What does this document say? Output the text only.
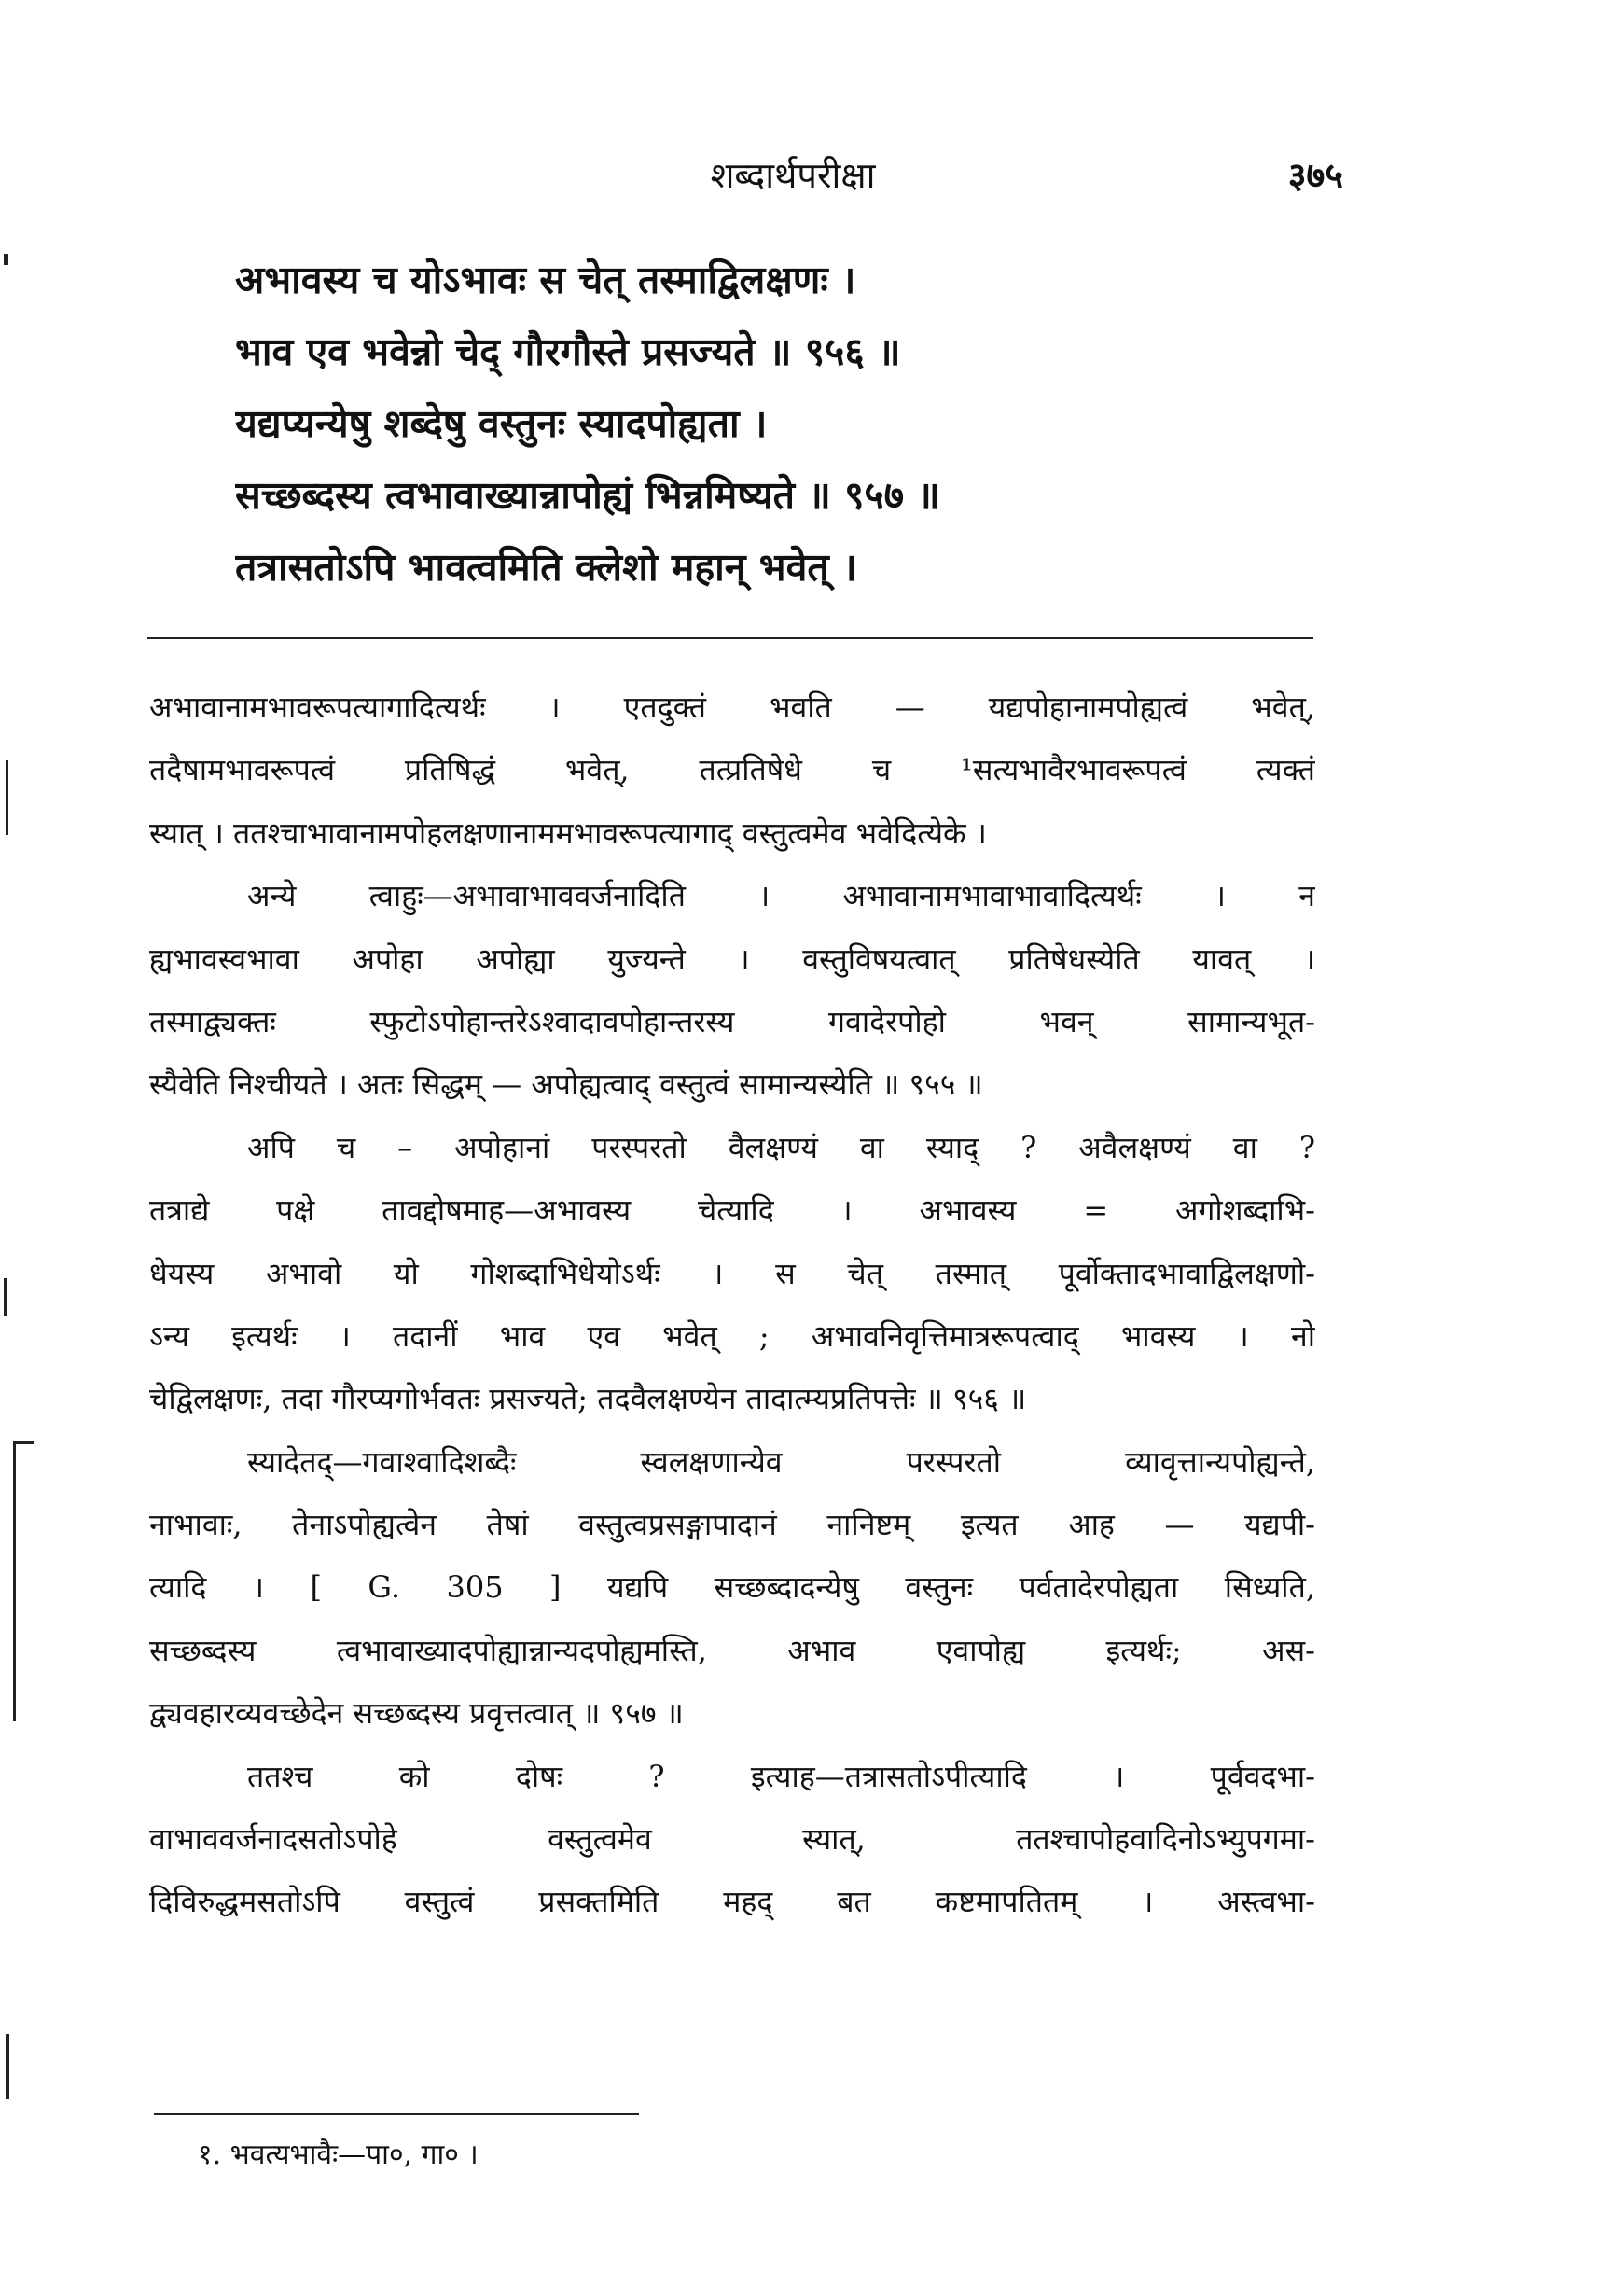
शब्दार्थपरीक्षा	३७५
अभावस्य च योऽभावः स चेत् तस्माद्विलक्षणः ।
भाव एव भवेन्नो चेद् गौरगौस्ते प्रसज्यते ॥ ९५६ ॥
यद्यप्यन्येषु शब्देषु वस्तुनः स्यादपोह्यता ।
सच्छब्दस्य त्वभावाख्यान्नापोह्यं भिन्नमिष्यते ॥ ९५७ ॥
तत्रासतोऽपि भावत्वमिति क्लेशो महान् भवेत् ।
अभावानामभावरूपत्यागादित्यर्थः । एतदुक्तं भवति — यद्यपोहानामपोह्यत्वं भवेत्,
तदैषामभावरूपत्वं प्रतिषिद्धं भवेत्, तत्प्रतिषेधे च ¹सत्यभावैरभावरूपत्वं त्यक्तं
स्यात् । ततश्चाभावानामपोहलक्षणानाममभावरूपत्यागाद् वस्तुत्वमेव भवेदित्येके ।
अन्ये त्वाहुः—अभावाभाववर्जनादिति । अभावानामभावाभावादित्यर्थः । न
ह्यभावस्वभावा अपोहा अपोह्या युज्यन्ते । वस्तुविषयत्वात् प्रतिषेधस्येति यावत् ।
तस्माद्व्यक्तः स्फुटोऽपोहान्तरेऽश्वादावपोहान्तरस्य गवादेरपोहो भवन् सामान्यभूत-
स्यैवेति निश्चीयते । अतः सिद्धम् — अपोह्यत्वाद् वस्तुत्वं सामान्यस्येति ॥ ९५५ ॥
अपि च – अपोहानां परस्परतो वैलक्षण्यं वा स्याद् ? अवैलक्षण्यं वा ?
तत्राद्ये पक्षे तावद्दोषमाह—अभावस्य चेत्यादि । अभावस्य = अगोशब्दाभि-
धेयस्य अभावो यो गोशब्दाभिधेयोऽर्थः । स चेत् तस्मात् पूर्वोक्तादभावाद्विलक्षणो-
ऽन्य इत्यर्थः । तदानीं भाव एव भवेत् ; अभावनिवृत्तिमात्ररूपत्वाद् भावस्य । नो
चेद्विलक्षणः, तदा गौरप्यगोर्भवतः प्रसज्यते; तदवैलक्षण्येन तादात्म्यप्रतिपत्तेः ॥ ९५६ ॥
स्यादेतद्—गवाश्वादिशब्दैः स्वलक्षणान्येव परस्परतो व्यावृत्तान्यपोह्यन्ते,
नाभावाः, तेनाऽपोह्यत्वेन तेषां वस्तुत्वप्रसङ्गापादानं नानिष्टम् इत्यत आह — यद्यपी-
त्यादि । [ G. 305 ] यद्यपि सच्छब्दादन्येषु वस्तुनः पर्वतादेरपोह्यता सिध्यति,
सच्छब्दस्य त्वभावाख्यादपोह्यान्नान्यदपोह्यमस्ति, अभाव एवापोह्य इत्यर्थः; अस-
द्व्यवहारव्यवच्छेदेन सच्छब्दस्य प्रवृत्तत्वात् ॥ ९५७ ॥
ततश्च को दोषः ? इत्याह—तत्रासतोऽपीत्यादि । पूर्ववदभा-
वाभाववर्जनादसतोऽपोहे वस्तुत्वमेव स्यात्, ततश्चापोहवादिनोऽभ्युपगमा-
दिविरुद्धमसतोऽपि वस्तुत्वं प्रसक्तमिति महद् बत कष्टमापतितम् । अस्त्वभा-
१. भवत्यभावैः—पा०, गा० ।
